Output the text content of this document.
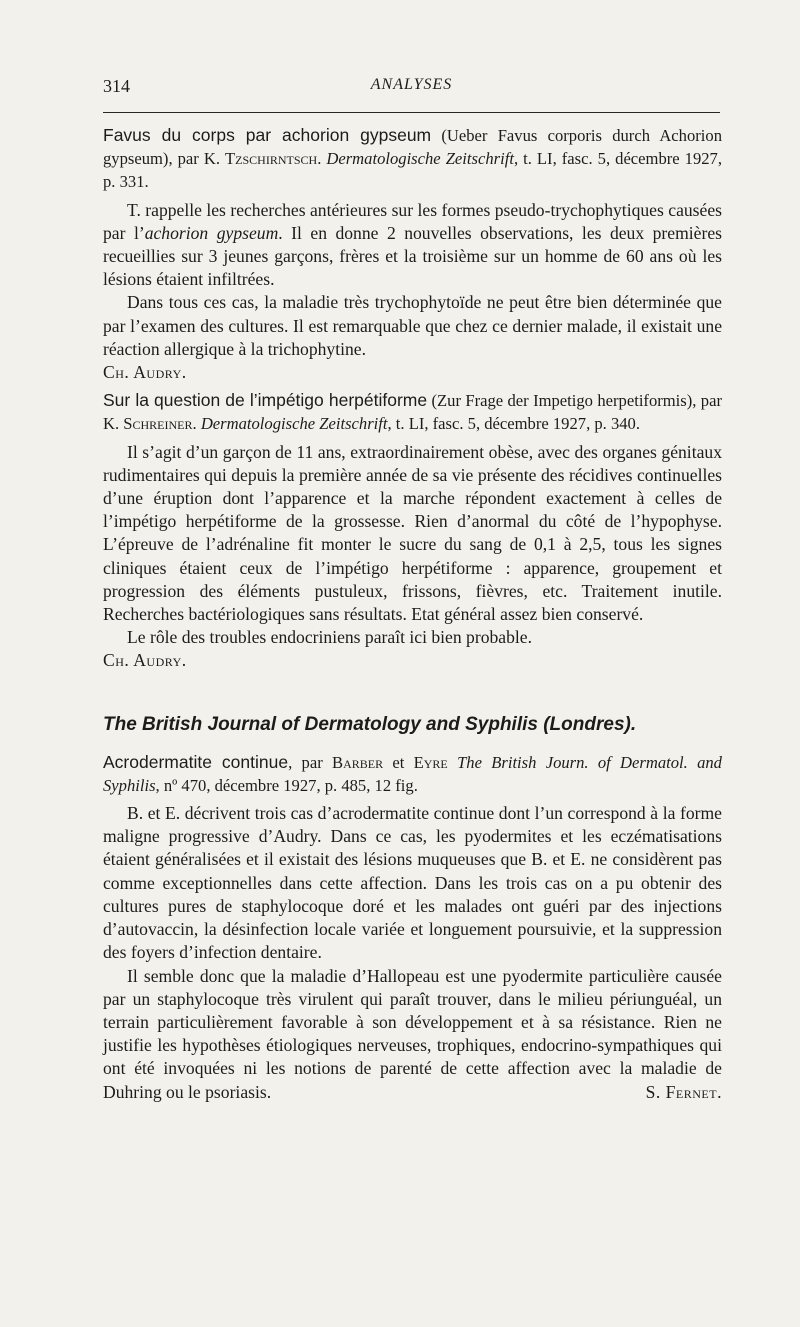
314	ANALYSES
Favus du corps par achorion gypseum (Ueber Favus corporis durch Achorion gypseum), par K. Tzschirntsch. Dermatologische Zeitschrift, t. LI, fasc. 5, décembre 1927, p. 331.

T. rappelle les recherches antérieures sur les formes pseudo-trychophytiques causées par l’achorion gypseum. Il en donne 2 nouvelles observations, les deux premières recueillies sur 3 jeunes garçons, frères et la troisième sur un homme de 60 ans où les lésions étaient infiltrées.

Dans tous ces cas, la maladie très trychophytoïde ne peut être bien déterminée que par l’examen des cultures. Il est remarquable que chez ce dernier malade, il existait une réaction allergique à la trichophytine.

Ch. Audry.

Sur la question de l’impétigo herpétiforme (Zur Frage der Impetigo herpetiformis), par K. Schreiner. Dermatologische Zeitschrift, t. LI, fasc. 5, décembre 1927, p. 340.

Il s’agit d’un garçon de 11 ans, extraordinairement obèse, avec des organes génitaux rudimentaires qui depuis la première année de sa vie présente des récidives continuelles d’une éruption dont l’apparence et la marche répondent exactement à celles de l’impétigo herpétiforme de la grossesse. Rien d’anormal du côté de l’hypophyse. L’épreuve de l’adrénaline fit monter le sucre du sang de 0,1 à 2,5, tous les signes cliniques étaient ceux de l’impétigo herpétiforme : apparence, groupement et progression des éléments pustuleux, frissons, fièvres, etc. Traitement inutile. Recherches bactériologiques sans résultats. Etat général assez bien conservé.

Le rôle des troubles endocriniens paraît ici bien probable.

Ch. Audry.

The British Journal of Dermatology and Syphilis (Londres).
Acrodermatite continue, par Barber et Eyre The British Journ. of Dermatol. and Syphilis, nº 470, décembre 1927, p. 485, 12 fig.

B. et E. décrivent trois cas d’acrodermatite continue dont l’un correspond à la forme maligne progressive d’Audry. Dans ce cas, les pyodermites et les eczématisations étaient généralisées et il existait des lésions muqueuses que B. et E. ne considèrent pas comme exceptionnelles dans cette affection. Dans les trois cas on a pu obtenir des cultures pures de staphylocoque doré et les malades ont guéri par des injections d’autovaccin, la désinfection locale variée et longuement poursuivie, et la suppression des foyers d’infection dentaire.

Il semble donc que la maladie d’Hallopeau est une pyodermite particulière causée par un staphylocoque très virulent qui paraît trouver, dans le milieu périunguéal, un terrain particulièrement favorable à son développement et à sa résistance. Rien ne justifie les hypothèses étiologiques nerveuses, trophiques, endocrino-sympathiques qui ont été invoquées ni les notions de parenté de cette affection avec la maladie de Duhring ou le psoriasis.	S. Fernet.
